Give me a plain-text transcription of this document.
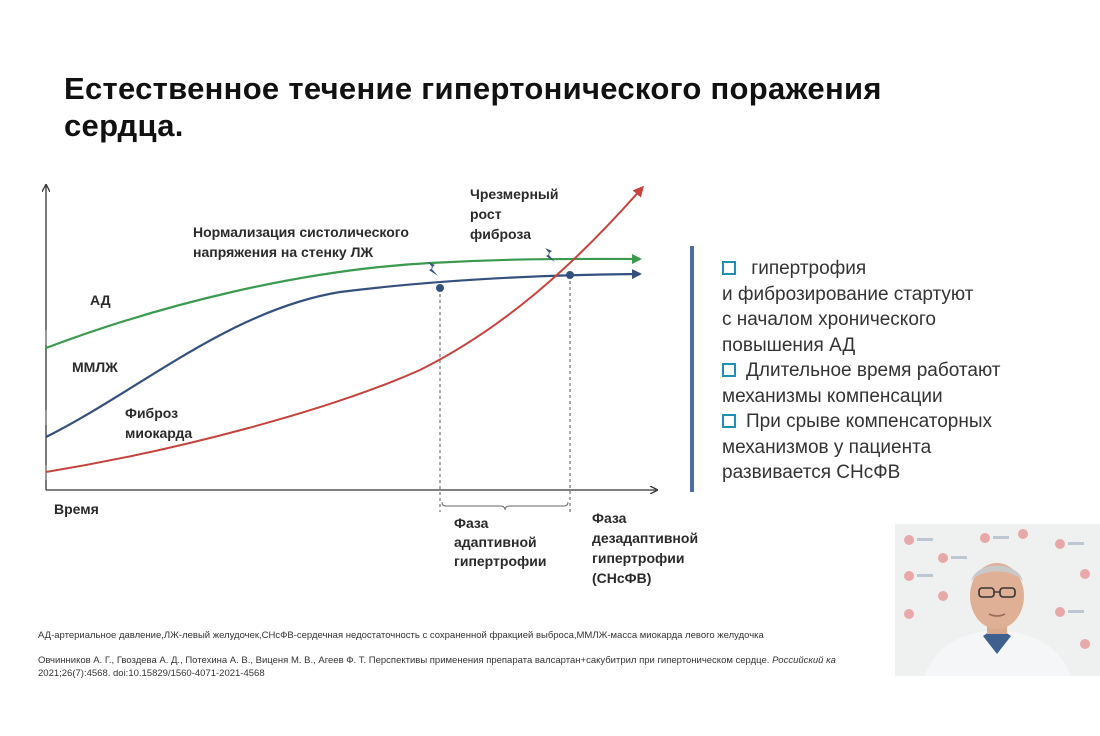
Естественное течение гипертонического поражения
сердца.
АД
ММЛЖ
Фиброз
миокарда
Время
Нормализация систолического
напряжения на стенку ЛЖ
Чрезмерный
рост
фиброза
Фаза
адаптивной
гипертрофии
Фаза
дезадаптивной
гипертрофии
(СНсФВ)
гипертрофия
и фиброзирование стартуют
с началом хронического
повышения АД
Длительное время работают
механизмы компенсации
При срыве компенсаторных
механизмов у пациента
развивается СНсФВ
АД-артериальное давление,ЛЖ-левый желудочек,СНсФВ-сердечная недостаточность с сохраненной фракцией выброса,ММЛЖ-масса миокарда левого желудочка
Овчинников А. Г., Гвоздева А. Д., Потехина А. В., Виценя М. В., Агеев Ф. Т. Перспективы применения препарата валсартан+сакубитрил при гипертоническом сердце. Российский ка
2021;26(7):4568. doi:10.15829/1560-4071-2021-4568
